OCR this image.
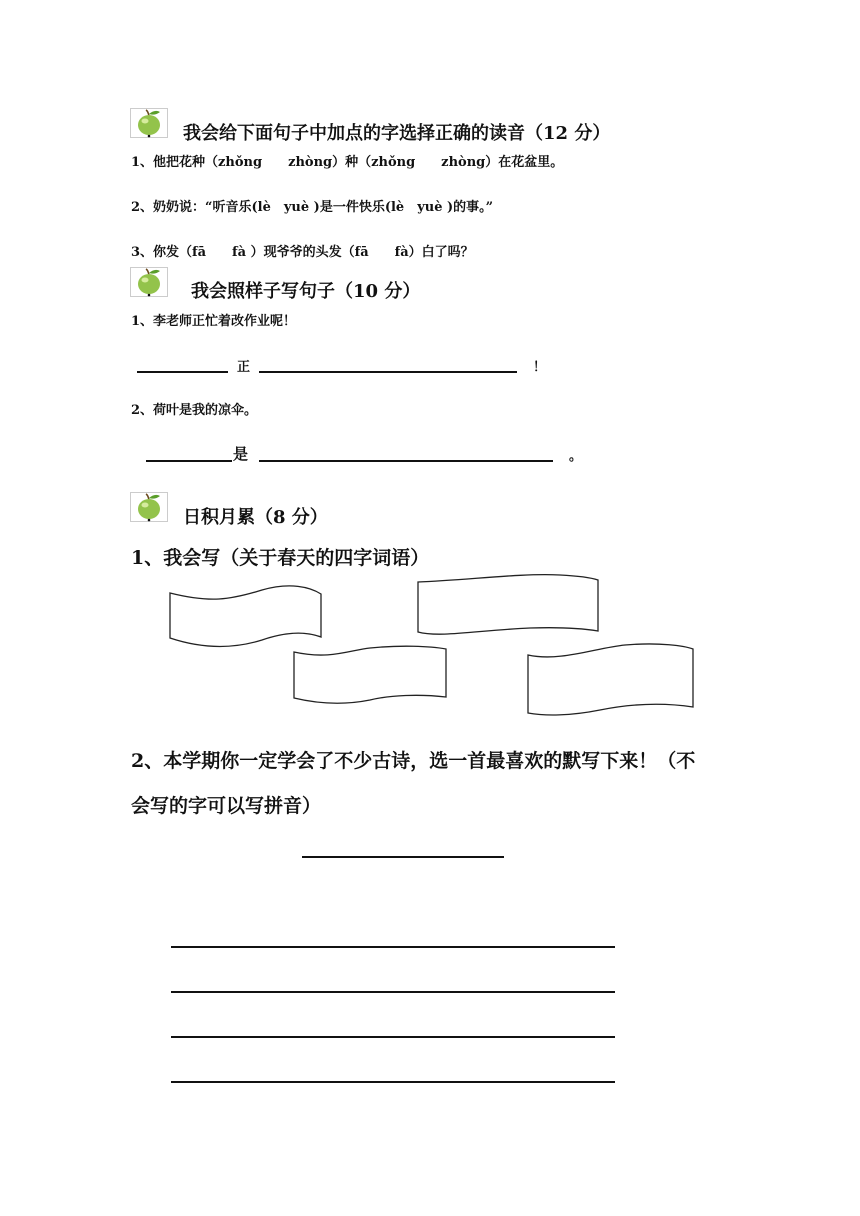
我会给下面句子中加点的字选择正确的读音（12 分）
1、他把花种（zhǒng　　zhòng）种（zhǒng　　zhòng）在花盆里。
2、奶奶说：“听音乐(lè　yuè )是一件快乐(lè　yuè )的事。”
3、你发（fā　　fà ）现爷爷的头发（fā　　fà）白了吗？
我会照样子写句子（10 分）
1、李老师正忙着改作业呢！
正	！
2、荷叶是我的凉伞。
是	。
日积月累（8 分）
1、我会写（关于春天的四字词语）
2、本学期你一定学会了不少古诗，选一首最喜欢的默写下来！（不
会写的字可以写拼音）
